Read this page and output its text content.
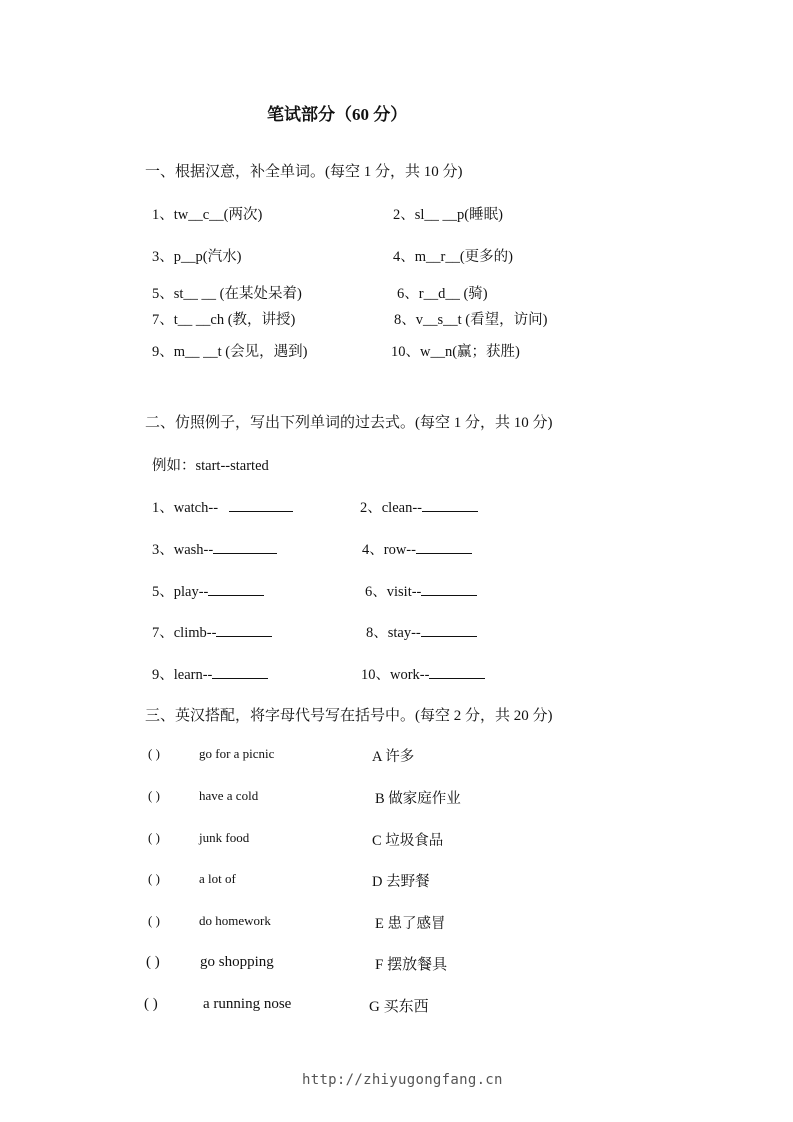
笔试部分（60 分）
一、根据汉意，补全单词。(每空 1 分，共 10 分)
1、tw__c__(两次)	2、sl__ __p(睡眠)
3、p__p(汽水)	4、m__r__(更多的)
5、st__ __ (在某处呆着)	6、r__d__ (骑)
7、t__ __ch (教，讲授)	8、v__s__t (看望，访问)
9、m__ __t (会见，遇到)	10、w__n(赢；获胜)
二、仿照例子，写出下列单词的过去式。(每空 1 分，共 10 分)
例如：start--started
1、watch--	2、clean--
3、wash--	4、row--
5、play--	6、visit--
7、climb--	8、stay--
9、learn--	10、work--
三、英汉搭配，将字母代号写在括号中。(每空 2 分，共 20 分)
( )	go for a picnic	A 许多
( )	have a cold	B 做家庭作业
( )	junk food	C 垃圾食品
( )	a lot of	D 去野餐
( )	do homework	E 患了感冒
( )	go shopping	F 摆放餐具
( )	a running nose	G 买东西
http://zhiyugongfang.cn
